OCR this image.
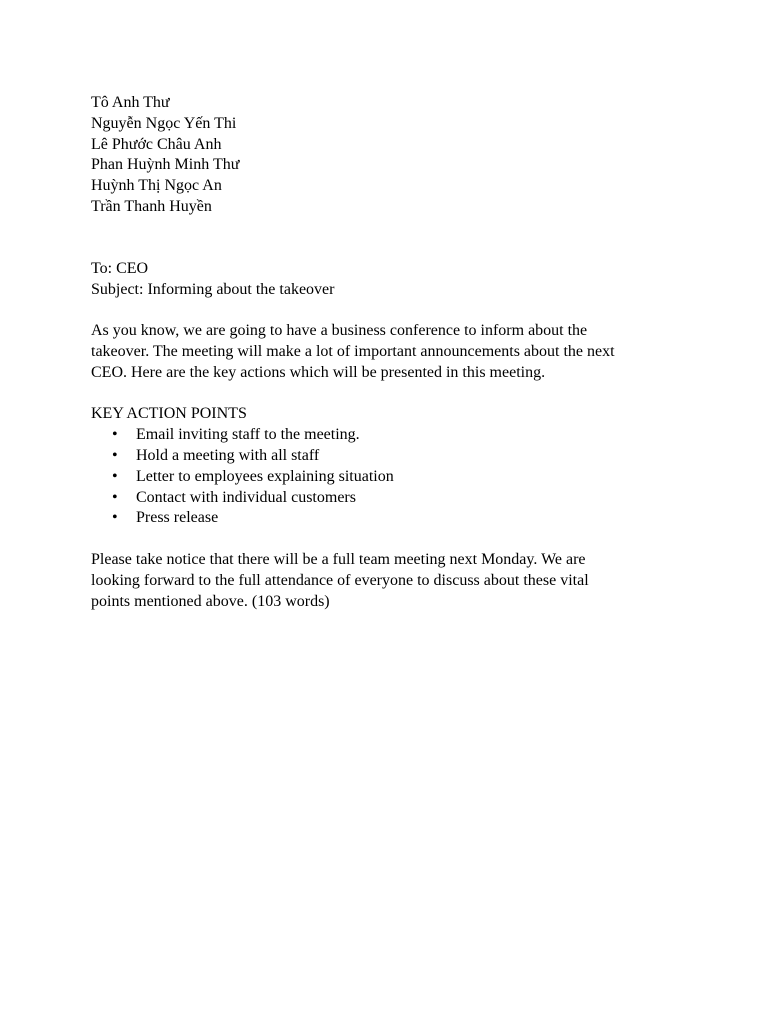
Tô Anh Thư
Nguyễn Ngọc Yến Thi
Lê Phước Châu Anh
Phan Huỳnh Minh Thư
Huỳnh Thị Ngọc An
Trần Thanh Huyền
To: CEO
Subject: Informing about the takeover
As you know, we are going to have a business conference to inform about the
takeover. The meeting will make a lot of important announcements about the next
CEO. Here are the key actions which will be presented in this meeting.
KEY ACTION POINTS
• Email inviting staff to the meeting.
• Hold a meeting with all staff
• Letter to employees explaining situation
• Contact with individual customers
• Press release
Please take notice that there will be a full team meeting next Monday. We are
looking forward to the full attendance of everyone to discuss about these vital
points mentioned above. (103 words)
